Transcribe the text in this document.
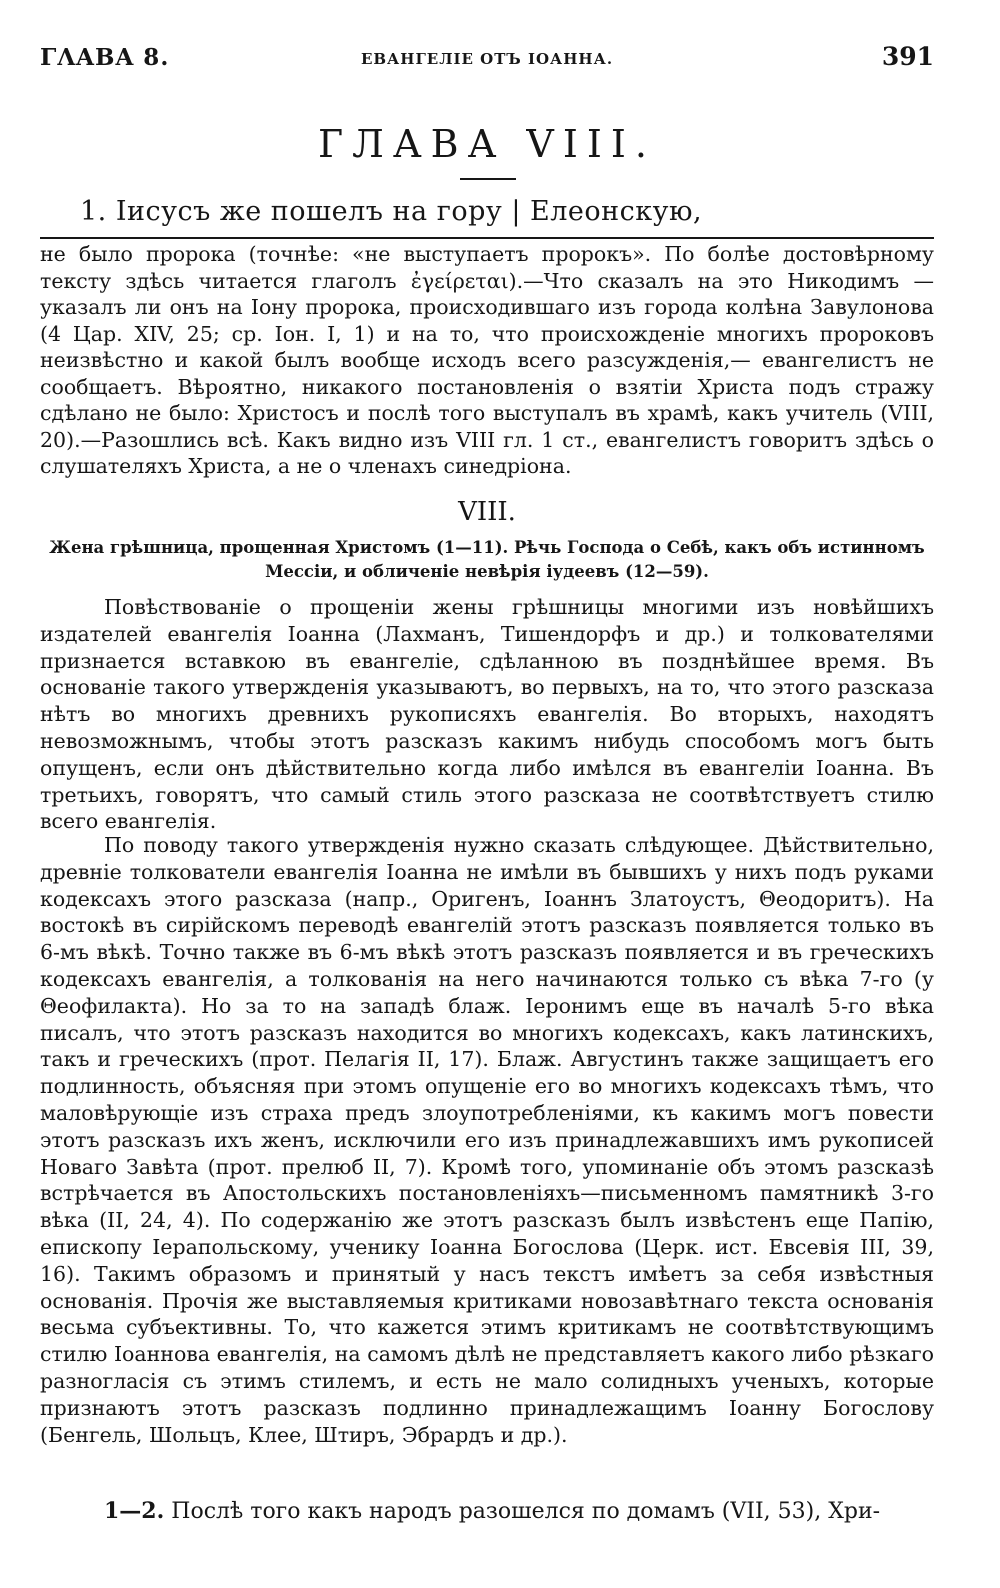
ΓΛΑΒΑ 8.	ЕВАНГЕЛІЕ ОТЪ ІОАННА.	391
ГЛАВА VIII.
1. Іисусъ же пошелъ на гору | Елеонскую,

не было пророка (точнѣе: «не выступаетъ пророкъ». По болѣе достовѣрному тексту здѣсь читается глаголъ ἐγείρεται).—Что сказалъ на это Никодимъ — указалъ ли онъ на Іону пророка, происходившаго изъ города колѣна Завулонова (4 Цар. XIV, 25; ср. Іон. I, 1) и на то, что происхожденіе многихъ пророковъ неизвѣстно и какой былъ вообще исходъ всего разсужденія,— евангелистъ не сообщаетъ. Вѣроятно, никакого постановленія о взятіи Христа подъ стражу сдѣлано не было: Христосъ и послѣ того выступалъ въ храмѣ, какъ учитель (VIII, 20).—Разошлись всѣ. Какъ видно изъ VIII гл. 1 ст., евангелистъ говоритъ здѣсь о слушателяхъ Христа, а не о членахъ синедріона.

VIII.

Жена грѣшница, прощенная Христомъ (1—11). Рѣчь Господа о Себѣ, какъ объ истинномъ
Мессіи, и обличеніе невѣрія іудеевъ (12—59).

Повѣствованіе о прощеніи жены грѣшницы многими изъ новѣйшихъ издателей евангелія Іоанна (Лахманъ, Тишендорфъ и др.) и толкователями признается вставкою въ евангеліе, сдѣланною въ позднѣйшее время. Въ основаніе такого утвержденія указываютъ, во первыхъ, на то, что этого разсказа нѣтъ во многихъ древнихъ рукописяхъ евангелія. Во вторыхъ, находятъ невозможнымъ, чтобы этотъ разсказъ какимъ нибудь способомъ могъ быть опущенъ, если онъ дѣйствительно когда либо имѣлся въ евангеліи Іоанна. Въ третьихъ, говорятъ, что самый стиль этого разсказа не соотвѣтствуетъ стилю всего евангелія.

По поводу такого утвержденія нужно сказать слѣдующее. Дѣйствительно, древніе толкователи евангелія Іоанна не имѣли въ бывшихъ у нихъ подъ руками кодексахъ этого разсказа (напр., Оригенъ, Іоаннъ Златоустъ, Θеодоритъ). На востокѣ въ сирійскомъ переводѣ евангелій этотъ разсказъ появляется только въ 6-мъ вѣкѣ. Точно также въ 6-мъ вѣкѣ этотъ разсказъ появляется и въ греческихъ кодексахъ евангелія, а толкованія на него начинаются только съ вѣка 7-го (у Θеофилакта). Но за то на западѣ блаж. Іеронимъ еще въ началѣ 5-го вѣка писалъ, что этотъ разсказъ находится во многихъ кодексахъ, какъ латинскихъ, такъ и греческихъ (прот. Пелагія II, 17). Блаж. Августинъ также защищаетъ его подлинность, объясняя при этомъ опущеніе его во многихъ кодексахъ тѣмъ, что маловѣрующіе изъ страха предъ злоупотребленіями, къ какимъ могъ повести этотъ разсказъ ихъ женъ, исключили его изъ принадлежавшихъ имъ рукописей Новаго Завѣта (прот. прелюб II, 7). Кромѣ того, упоминаніе объ этомъ разсказѣ встрѣчается въ Апостольскихъ постановленіяхъ—письменномъ памятникѣ 3-го вѣка (II, 24, 4). По содержанію же этотъ разсказъ былъ извѣстенъ еще Папію, епископу Іерапольскому, ученику Іоанна Богослова (Церк. ист. Евсевія III, 39, 16). Такимъ образомъ и принятый у насъ текстъ имѣетъ за себя извѣстныя основанія. Прочія же выставляемыя критиками новозавѣтнаго текста основанія весьма субъективны. То, что кажется этимъ критикамъ не соотвѣтствующимъ стилю Іоаннова евангелія, на самомъ дѣлѣ не представляетъ какого либо рѣзкаго разногласія съ этимъ стилемъ, и есть не мало солидныхъ ученыхъ, которые признаютъ этотъ разсказъ подлинно принадлежащимъ Іоанну Богослову (Бенгель, Шольцъ, Клее, Штиръ, Эбрардъ и др.).

1—2. Послѣ того какъ народъ разошелся по домамъ (VII, 53), Хри-
